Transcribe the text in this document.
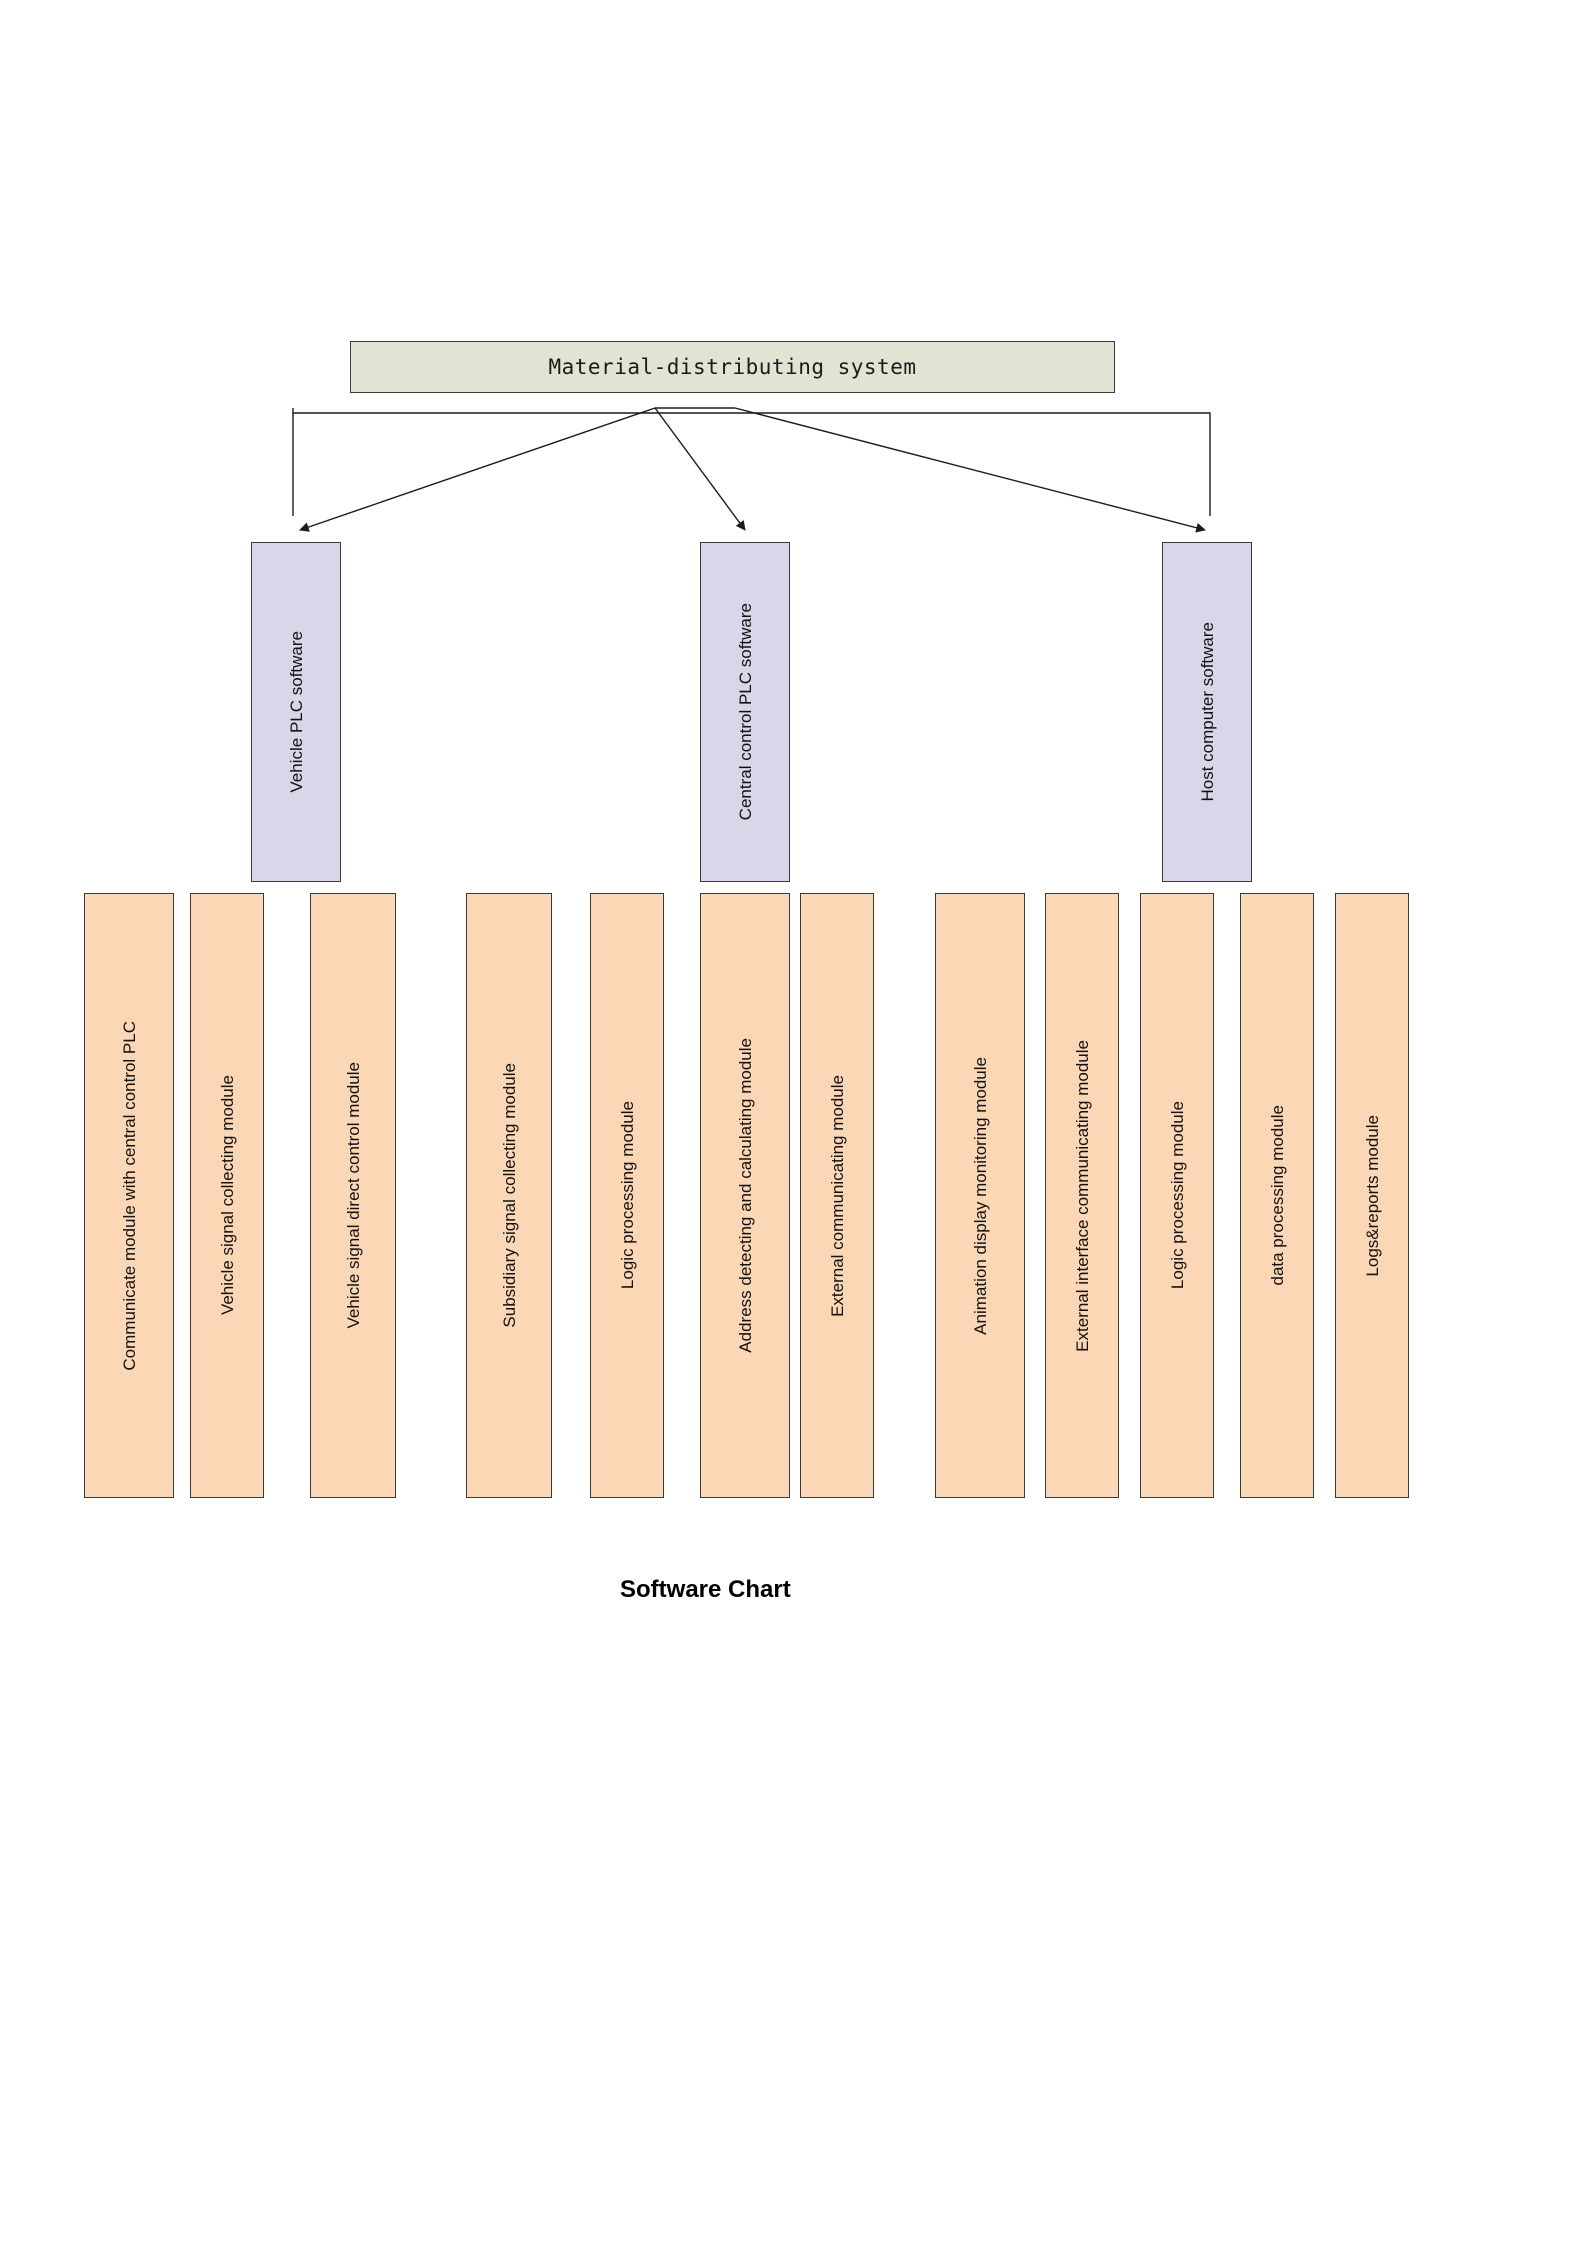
Material-distributing system
Vehicle PLC software	Central control PLC software	Host computer software
Communicate module with central control PLC	Vehicle signal collecting module	Vehicle signal direct control module	Subsidiary signal collecting module	Logic processing module	Address detecting and calculating module	External communicating module	Animation display monitoring module	External interface communicating module	Logic processing module	data processing module	Logs&reports module
Software Chart
